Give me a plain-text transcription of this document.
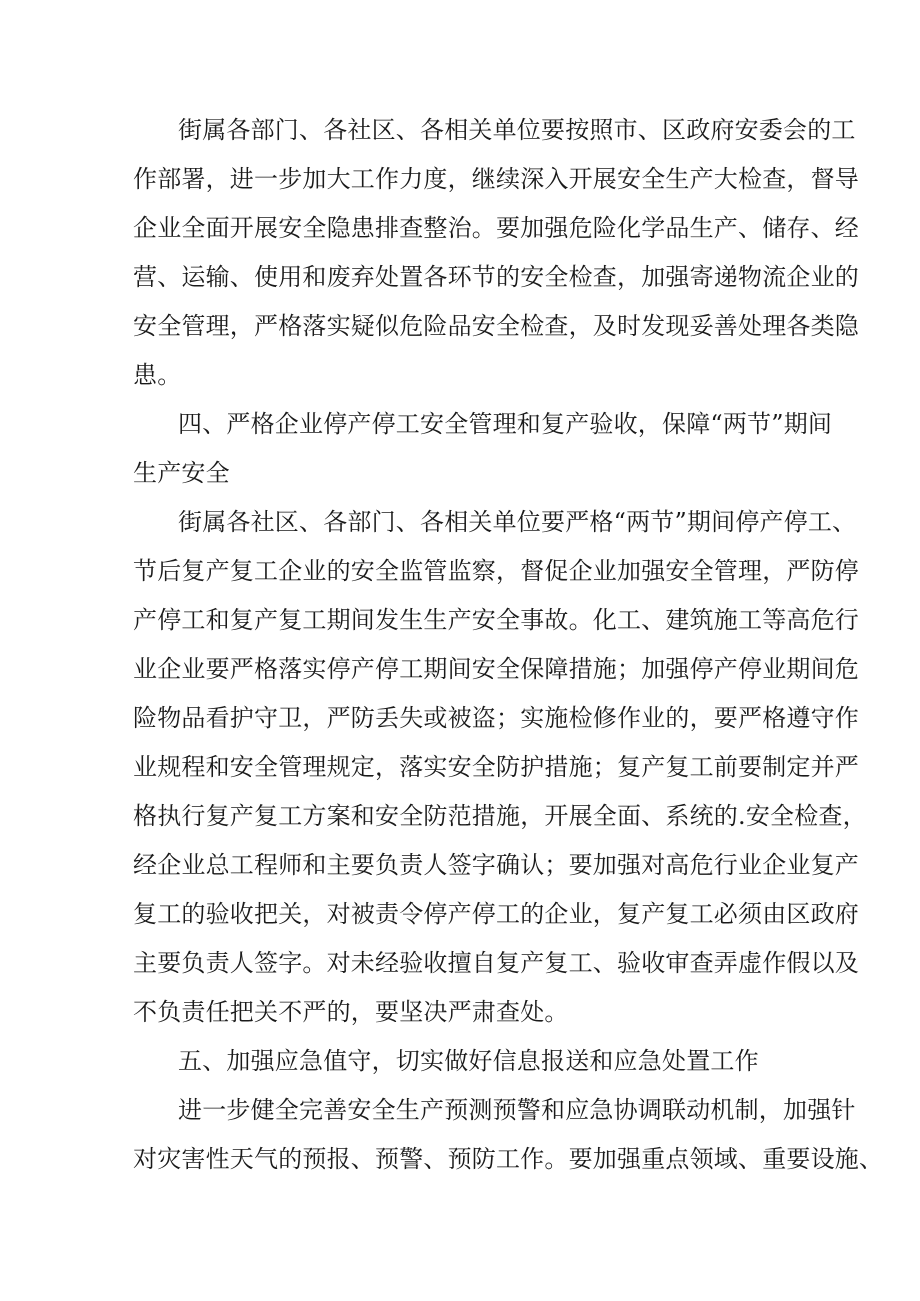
街属各部门、各社区、各相关单位要按照市、区政府安委会的工
作部署，进一步加大工作力度，继续深入开展安全生产大检查，督导
企业全面开展安全隐患排查整治。要加强危险化学品生产、储存、经
营、运输、使用和废弃处置各环节的安全检查，加强寄递物流企业的
安全管理，严格落实疑似危险品安全检查，及时发现妥善处理各类隐
患。
四、严格企业停产停工安全管理和复产验收，保障“两节”期间
生产安全
街属各社区、各部门、各相关单位要严格“两节”期间停产停工、
节后复产复工企业的安全监管监察，督促企业加强安全管理，严防停
产停工和复产复工期间发生生产安全事故。化工、建筑施工等高危行
业企业要严格落实停产停工期间安全保障措施；加强停产停业期间危
险物品看护守卫，严防丢失或被盗；实施检修作业的，要严格遵守作
业规程和安全管理规定，落实安全防护措施；复产复工前要制定并严
格执行复产复工方案和安全防范措施，开展全面、系统的.安全检查，
经企业总工程师和主要负责人签字确认；要加强对高危行业企业复产
复工的验收把关，对被责令停产停工的企业，复产复工必须由区政府
主要负责人签字。对未经验收擅自复产复工、验收审查弄虚作假以及
不负责任把关不严的，要坚决严肃查处。
五、加强应急值守，切实做好信息报送和应急处置工作
进一步健全完善安全生产预测预警和应急协调联动机制，加强针
对灾害性天气的预报、预警、预防工作。要加强重点领域、重要设施、
